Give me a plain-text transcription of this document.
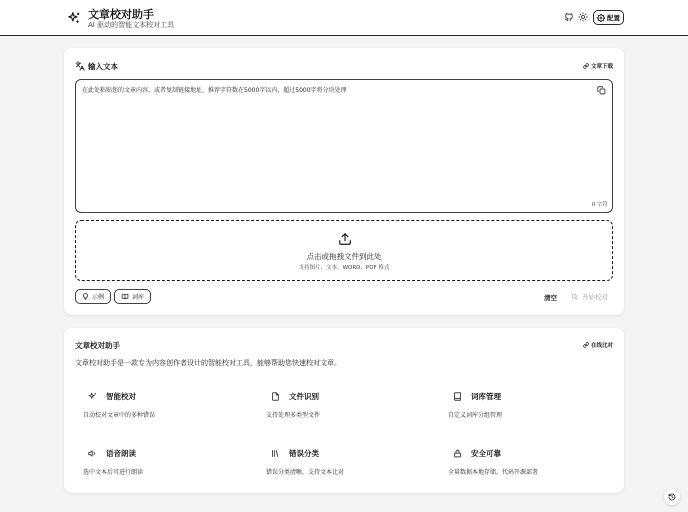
文章校对助手
AI 驱动的智能文本校对工具
配置
输入文本	文章下载
在此处粘贴您的文章内容，或者复制链接地址，推荐字符数在5000字以内，超过5000字将分块处理
0 字符
点击或拖拽文件到此处
支持图片、文本、WORD、PDF 格式
示例	词库	清空	开始校对
文章校对助手	在线比对
文章校对助手是一款专为内容创作者设计的智能校对工具，能够帮助您快速校对文章。
智能校对
自动校对文章中的多种错误
文件识别
支持处理多类型文件
词库管理
自定义词库分组管理
语音朗读
选中文本后可进行朗读
错误分类
错误分类清晰，支持文本比对
安全可靠
全量数据本地存储，代码开源部署
